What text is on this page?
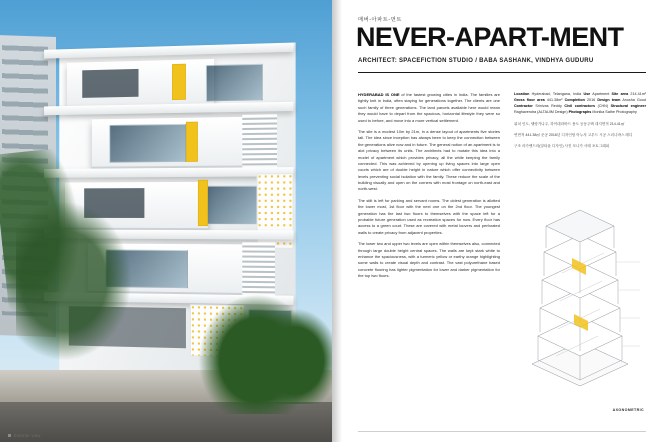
Exterior view
매버-아파트-먼트
NEVER-APART-MENT
ARCHITECT: SPACEFICTION STUDIO / BABA SASHANK, VINDHYA GUDURU

HYDERABAD IS ONE of the fastest growing cities in India. The families are tightly knit in India, often staying for generations together. The clients are one such family of three generations. The land parcels available here would mean they would have to depart from the spacious, horizontal lifestyle they were so used to before, and move into a more vertical settlement.

The site is a modest 10m by 21m, in a dense layout of apartments five stories tall. The idea since inception has always been to keep the connection between the generations alive now and in future. The general notion of an apartment is to alot privacy between its units. The architects had to mutate this idea into a model of apartment which provides privacy, all the while keeping the family connected. This was achieved by opening up living spaces into large open courts which are of double height in nature which offer connectivity between levels preventing social isolation with the family. These reduce the scale of the building visually and open on the corners with most frontage on north-east and north-west.

The stilt is left for parking and servant rooms. The oldest generation is allotted the lower most, 1st floor with the next one on the 2nd floor. The youngest generation has the last two floors to themselves with the space left for a probable future generation used as recreation spaces for now. Every floor has access to a green court. These are covered with metal louvers and perforated walls to create privacy from adjacent properties.

The lower two and upper two levels are open within themselves also, connected through large double height central spaces. The walls are kept stark white to enhance the spaciousness, with a turmeric yellow or earthy orange highlighting some walls to create visual depth and contrast. The vast polyurethane based concrete flooring has lighter pigmentation for lower and darker pigmentation for the top two floors.

Location Hyderabad, Telangana, India Use Apartment Site area 214.41m² Gross floor area 441.38m² Completion 2016 Design team Anusha Goud Contractor Srinivas Reddy Civil contractors (CHN) Structural engineer Raghavendra (ALTAUIM Design) Photographs Monika Sathe Photography

위치 인도, 텔랑가나주, 하이데라바드 용도 공동주택 대지면적 214.41㎡

연면적 441.38㎡ 준공 2016년 디자인팀 아누샤 고우드 시공 스리니바스 레디

구조 라가벤드라(알타윰 디자인) 사진 모니카 사테 포토그래피

AXONOMETRIC
